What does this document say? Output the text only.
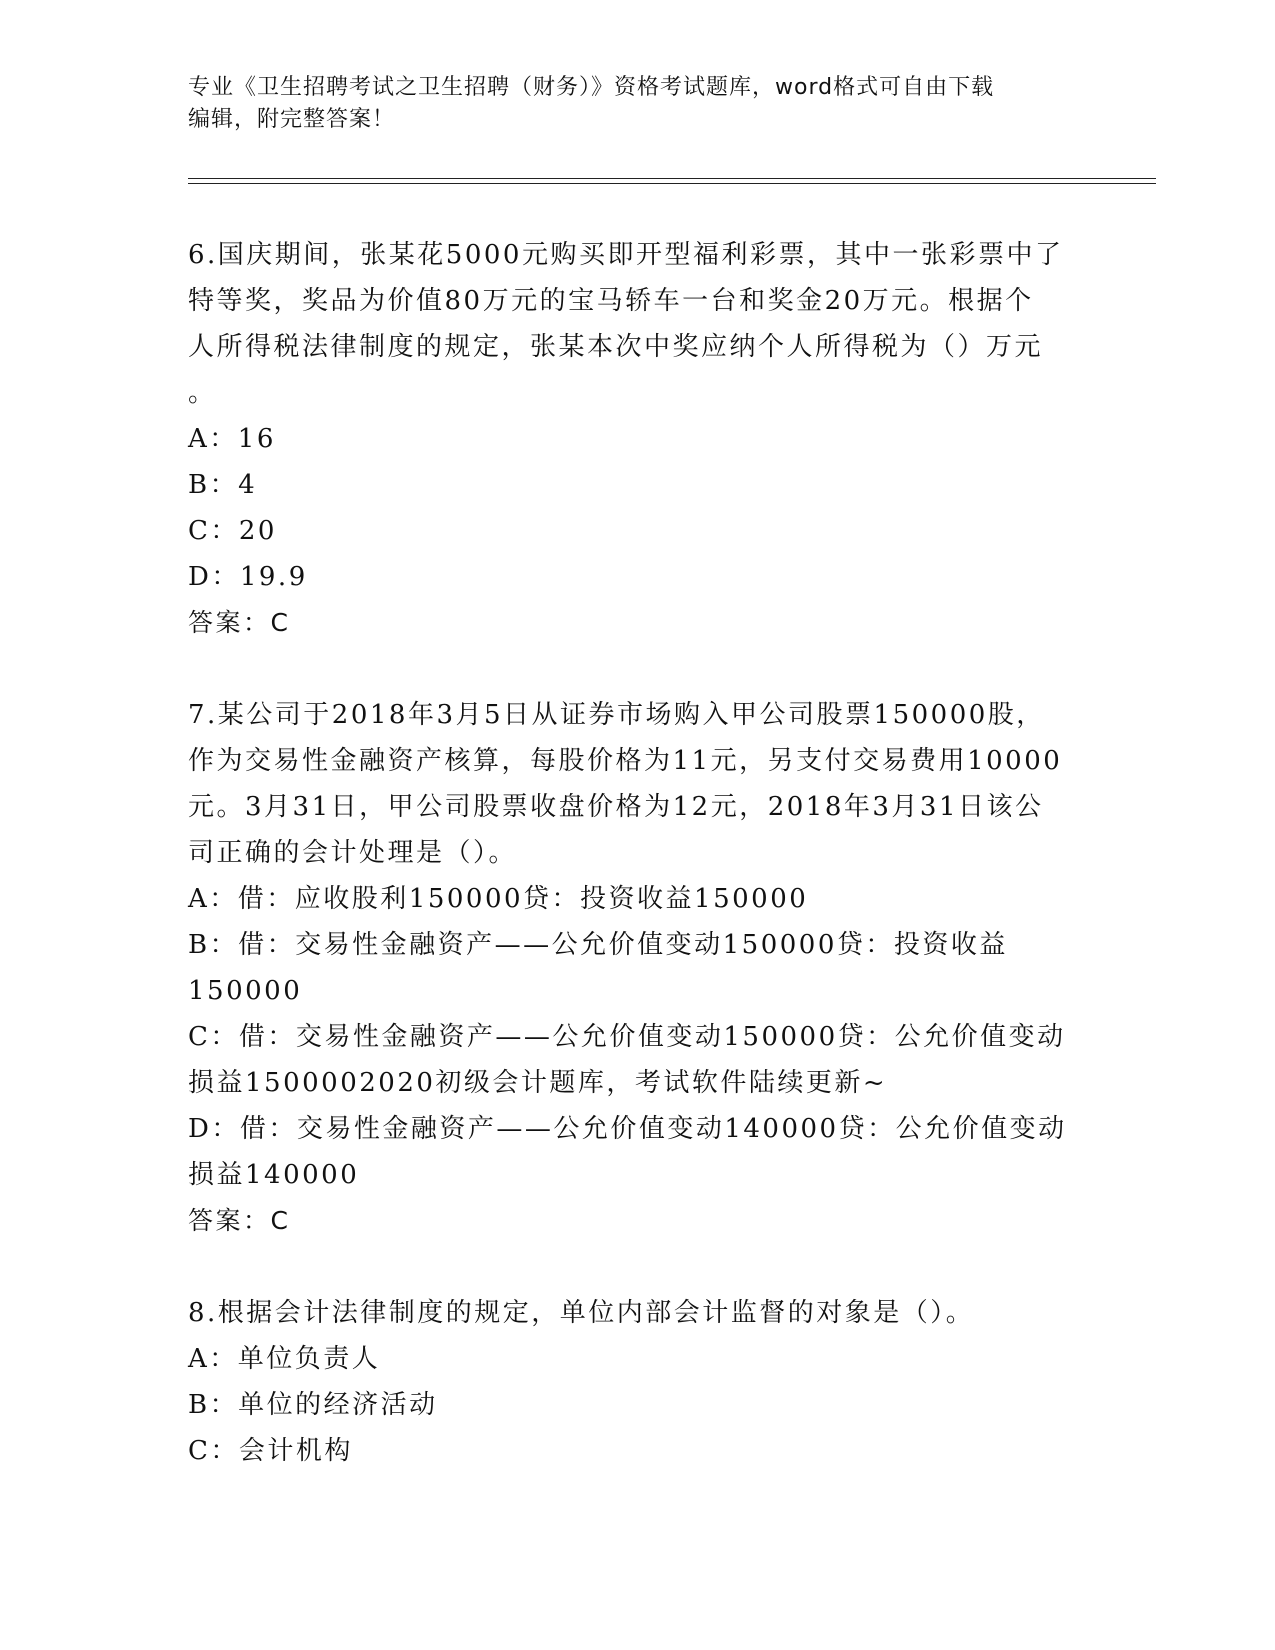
专业《卫生招聘考试之卫生招聘（财务）》资格考试题库，word格式可自由下载
编辑，附完整答案！
6.国庆期间，张某花5000元购买即开型福利彩票，其中一张彩票中了
特等奖，奖品为价值80万元的宝马轿车一台和奖金20万元。根据个
人所得税法律制度的规定，张某本次中奖应纳个人所得税为（）万元
。
A：16
B：4
C：20
D：19.9
答案：C
7.某公司于2018年3月5日从证券市场购入甲公司股票150000股，
作为交易性金融资产核算，每股价格为11元，另支付交易费用10000
元。3月31日，甲公司股票收盘价格为12元，2018年3月31日该公
司正确的会计处理是（）。
A：借：应收股利150000贷：投资收益150000
B：借：交易性金融资产——公允价值变动150000贷：投资收益
150000
C：借：交易性金融资产——公允价值变动150000贷：公允价值变动
损益1500002020初级会计题库，考试软件陆续更新~
D：借：交易性金融资产——公允价值变动140000贷：公允价值变动
损益140000
答案：C
8.根据会计法律制度的规定，单位内部会计监督的对象是（）。
A：单位负责人
B：单位的经济活动
C：会计机构
